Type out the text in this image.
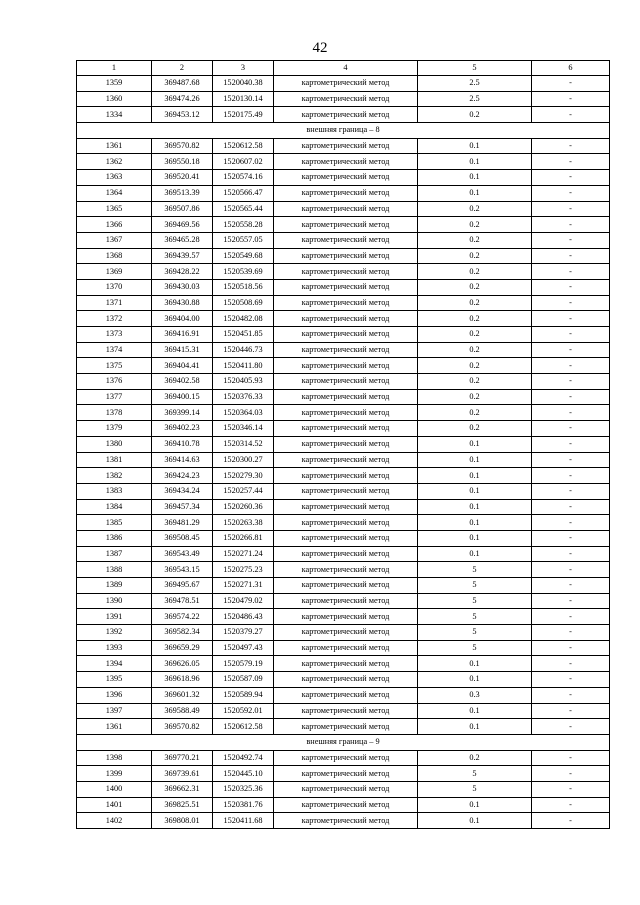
42
1	2	3	4	5	6
1359	369487.68	1520040.38	картометрический метод	2.5	-
1360	369474.26	1520130.14	картометрический метод	2.5	-
1334	369453.12	1520175.49	картометрический метод	0.2	-
внешняя граница – 8					
1361	369570.82	1520612.58	картометрический метод	0.1	-
1362	369550.18	1520607.02	картометрический метод	0.1	-
1363	369520.41	1520574.16	картометрический метод	0.1	-
1364	369513.39	1520566.47	картометрический метод	0.1	-
1365	369507.86	1520565.44	картометрический метод	0.2	-
1366	369469.56	1520558.28	картометрический метод	0.2	-
1367	369465.28	1520557.05	картометрический метод	0.2	-
1368	369439.57	1520549.68	картометрический метод	0.2	-
1369	369428.22	1520539.69	картометрический метод	0.2	-
1370	369430.03	1520518.56	картометрический метод	0.2	-
1371	369430.88	1520508.69	картометрический метод	0.2	-
1372	369404.00	1520482.08	картометрический метод	0.2	-
1373	369416.91	1520451.85	картометрический метод	0.2	-
1374	369415.31	1520446.73	картометрический метод	0.2	-
1375	369404.41	1520411.80	картометрический метод	0.2	-
1376	369402.58	1520405.93	картометрический метод	0.2	-
1377	369400.15	1520376.33	картометрический метод	0.2	-
1378	369399.14	1520364.03	картометрический метод	0.2	-
1379	369402.23	1520346.14	картометрический метод	0.2	-
1380	369410.78	1520314.52	картометрический метод	0.1	-
1381	369414.63	1520300.27	картометрический метод	0.1	-
1382	369424.23	1520279.30	картометрический метод	0.1	-
1383	369434.24	1520257.44	картометрический метод	0.1	-
1384	369457.34	1520260.36	картометрический метод	0.1	-
1385	369481.29	1520263.38	картометрический метод	0.1	-
1386	369508.45	1520266.81	картометрический метод	0.1	-
1387	369543.49	1520271.24	картометрический метод	0.1	-
1388	369543.15	1520275.23	картометрический метод	5	-
1389	369495.67	1520271.31	картометрический метод	5	-
1390	369478.51	1520479.02	картометрический метод	5	-
1391	369574.22	1520486.43	картометрический метод	5	-
1392	369582.34	1520379.27	картометрический метод	5	-
1393	369659.29	1520497.43	картометрический метод	5	-
1394	369626.05	1520579.19	картометрический метод	0.1	-
1395	369618.96	1520587.09	картометрический метод	0.1	-
1396	369601.32	1520589.94	картометрический метод	0.3	-
1397	369588.49	1520592.01	картометрический метод	0.1	-
1361	369570.82	1520612.58	картометрический метод	0.1	-
внешняя граница – 9					
1398	369770.21	1520492.74	картометрический метод	0.2	-
1399	369739.61	1520445.10	картометрический метод	5	-
1400	369662.31	1520325.36	картометрический метод	5	-
1401	369825.51	1520381.76	картометрический метод	0.1	-
1402	369808.01	1520411.68	картометрический метод	0.1	-
